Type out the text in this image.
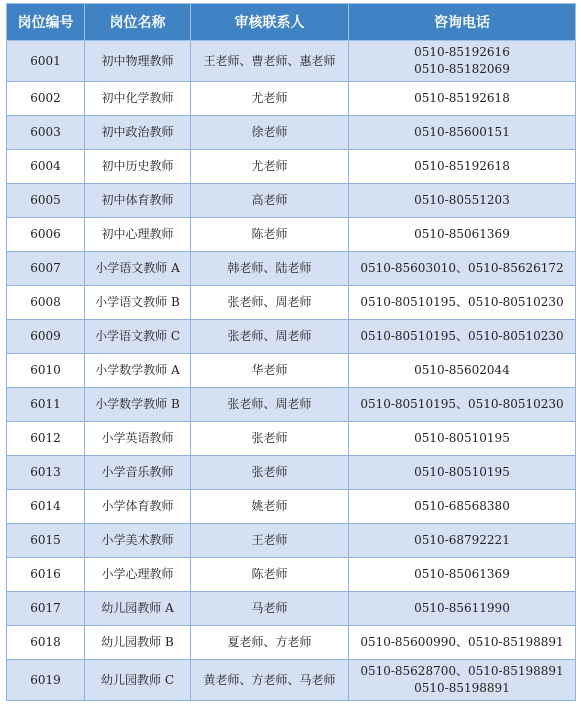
岗位编号	岗位名称	审核联系人	咨询电话
6001	初中物理教师	王老师、曹老师、惠老师	0510-85192616
0510-85182069
6002	初中化学教师	尤老师	0510-85192618
6003	初中政治教师	徐老师	0510-85600151
6004	初中历史教师	尤老师	0510-85192618
6005	初中体育教师	高老师	0510-80551203
6006	初中心理教师	陈老师	0510-85061369
6007	小学语文教师 A	韩老师、陆老师	0510-85603010、0510-85626172
6008	小学语文教师 B	张老师、周老师	0510-80510195、0510-80510230
6009	小学语文教师 C	张老师、周老师	0510-80510195、0510-80510230
6010	小学数学教师 A	华老师	0510-85602044
6011	小学数学教师 B	张老师、周老师	0510-80510195、0510-80510230
6012	小学英语教师	张老师	0510-80510195
6013	小学音乐教师	张老师	0510-80510195
6014	小学体育教师	姚老师	0510-68568380
6015	小学美术教师	王老师	0510-68792221
6016	小学心理教师	陈老师	0510-85061369
6017	幼儿园教师 A	马老师	0510-85611990
6018	幼儿园教师 B	夏老师、方老师	0510-85600990、0510-85198891
6019	幼儿园教师 C	黄老师、方老师、马老师	0510-85628700、0510-85198891
0510-85198891
